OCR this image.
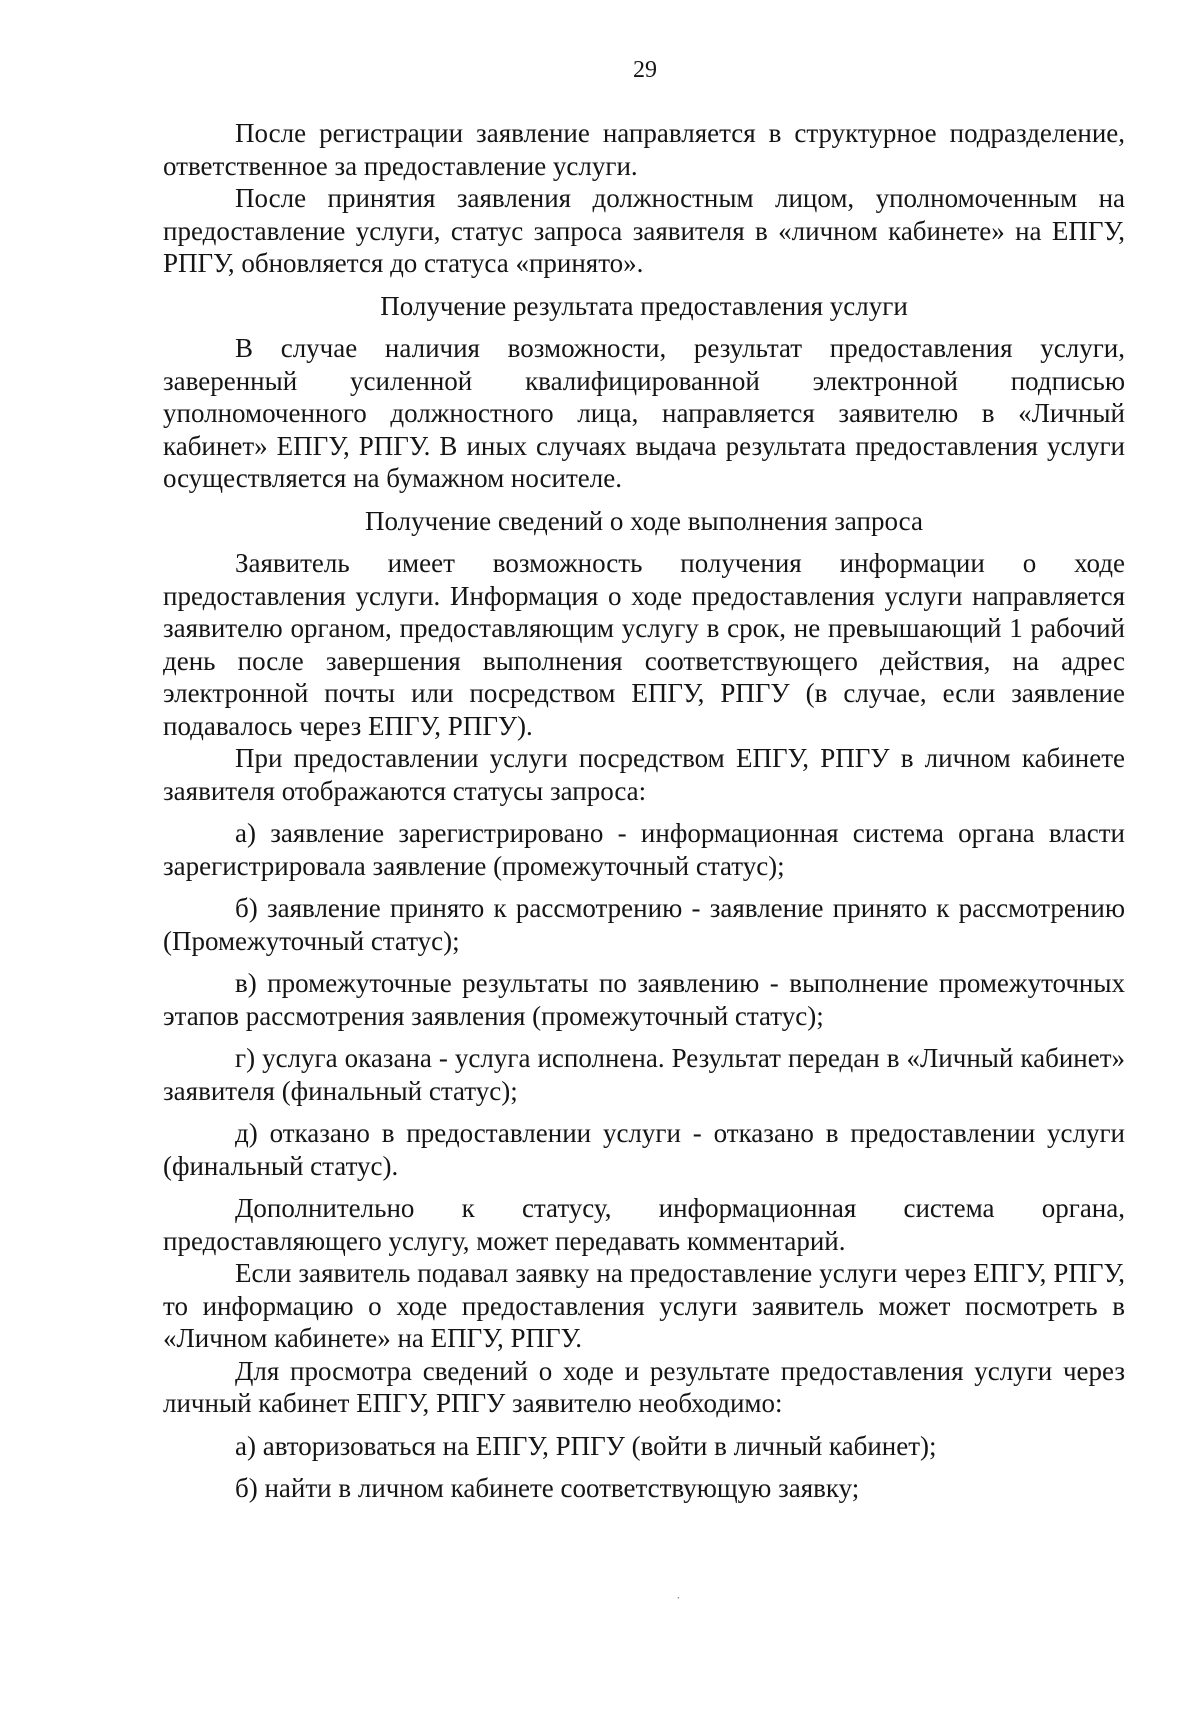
29

После регистрации заявление направляется в структурное подразделение, ответственное за предоставление услуги.

После принятия заявления должностным лицом, уполномоченным на предоставление услуги, статус запроса заявителя в «личном кабинете» на ЕПГУ, РПГУ, обновляется до статуса «принято».

Получение результата предоставления услуги

В случае наличия возможности, результат предоставления услуги, заверенный усиленной квалифицированной электронной подписью уполномоченного должностного лица, направляется заявителю в «Личный кабинет» ЕПГУ, РПГУ. В иных случаях выдача результата предоставления услуги осуществляется на бумажном носителе.

Получение сведений о ходе выполнения запроса

Заявитель имеет возможность получения информации о ходе предоставления услуги. Информация о ходе предоставления услуги направляется заявителю органом, предоставляющим услугу в срок, не превышающий 1 рабочий день после завершения выполнения соответствующего действия, на адрес электронной почты или посредством ЕПГУ, РПГУ (в случае, если заявление подавалось через ЕПГУ, РПГУ).

При предоставлении услуги посредством ЕПГУ, РПГУ в личном кабинете заявителя отображаются статусы запроса:

а) заявление зарегистрировано - информационная система органа власти зарегистрировала заявление (промежуточный статус);

б) заявление принято к рассмотрению - заявление принято к рассмотрению (Промежуточный статус);

в) промежуточные результаты по заявлению - выполнение промежуточных этапов рассмотрения заявления (промежуточный статус);

г) услуга оказана - услуга исполнена. Результат передан в «Личный кабинет» заявителя (финальный статус);

д) отказано в предоставлении услуги - отказано в предоставлении услуги (финальный статус).

Дополнительно к статусу, информационная система органа, предоставляющего услугу, может передавать комментарий.

Если заявитель подавал заявку на предоставление услуги через ЕПГУ, РПГУ, то информацию о ходе предоставления услуги заявитель может посмотреть в «Личном кабинете» на ЕПГУ, РПГУ.

Для просмотра сведений о ходе и результате предоставления услуги через личный кабинет ЕПГУ, РПГУ заявителю необходимо:

а) авторизоваться на ЕПГУ, РПГУ (войти в личный кабинет);

б) найти в личном кабинете соответствующую заявку;

˙
